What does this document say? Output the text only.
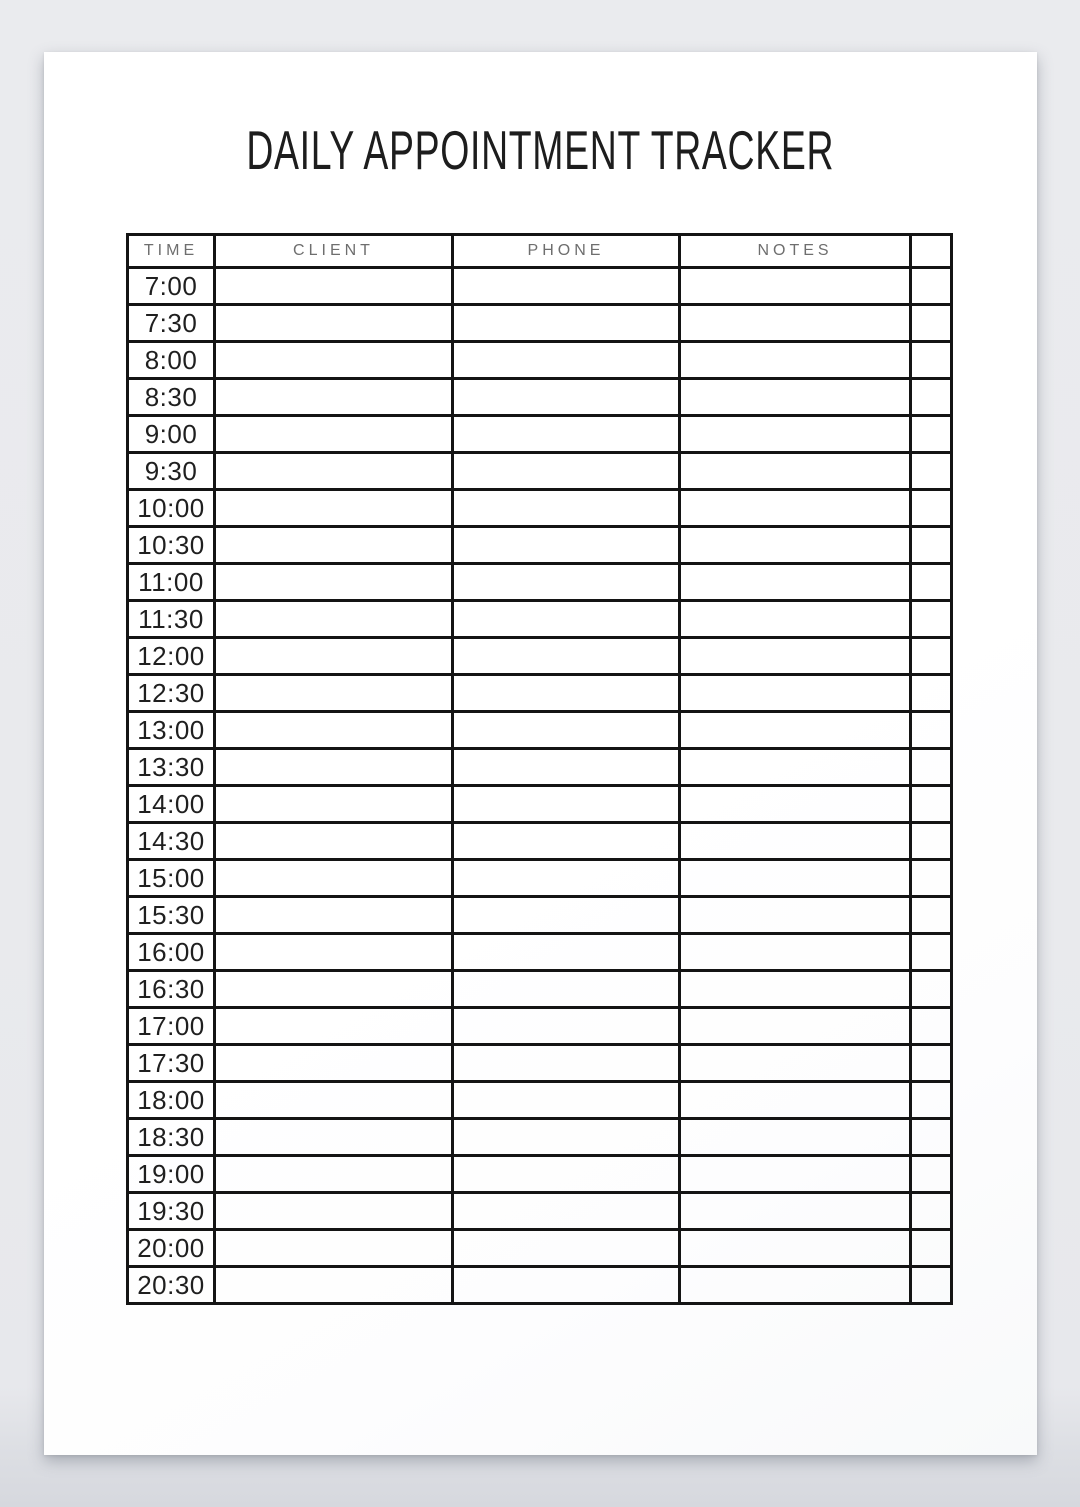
DAILY APPOINTMENT TRACKER
TIME	CLIENT	PHONE	NOTES	
7:00				
7:30				
8:00				
8:30				
9:00				
9:30				
10:00				
10:30				
11:00				
11:30				
12:00				
12:30				
13:00				
13:30				
14:00				
14:30				
15:00				
15:30				
16:00				
16:30				
17:00				
17:30				
18:00				
18:30				
19:00				
19:30				
20:00				
20:30				
